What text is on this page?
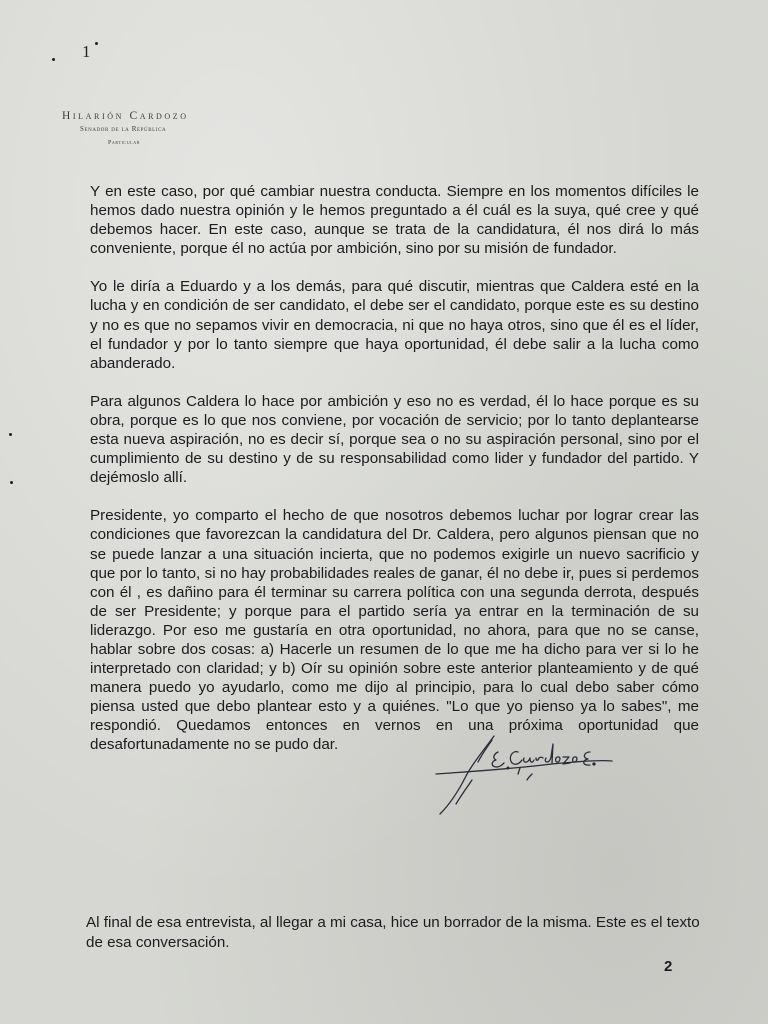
1
Hilarión Cardozo
Senador de la República
Particular

Y en este caso, por qué cambiar nuestra conducta. Siempre en los momentos difíciles le hemos dado nuestra opinión y le hemos preguntado a él cuál es la suya, qué cree y qué debemos hacer. En este caso, aunque se trata de la candidatura, él nos dirá lo más conveniente, porque él no actúa por ambición, sino por su misión de fundador.

Yo le diría a Eduardo y a los demás, para qué discutir, mientras que Caldera esté en la lucha y en condición de ser candidato, el debe ser el candidato, porque este es su destino y no es que no sepamos vivir en democracia, ni que no haya otros, sino que él es el líder, el fundador y por lo tanto siempre que haya oportunidad, él debe salir a la lucha como abanderado.

Para algunos Caldera lo hace por ambición y eso no es verdad, él lo hace porque es su obra, porque es lo que nos conviene, por vocación de servicio; por lo tanto deplantearse esta nueva aspiración, no es decir sí, porque sea o no su aspiración personal, sino por el cumplimiento de su destino y de su responsabilidad como lider y fundador del partido. Y dejémoslo allí.

Presidente, yo comparto el hecho de que nosotros debemos luchar por lograr crear las condiciones que favorezcan la candidatura del Dr. Caldera, pero algunos piensan que no se puede lanzar a una situación incierta, que no podemos exigirle un nuevo sacrificio y que por lo tanto, si no hay probabilidades reales de ganar, él no debe ir, pues si perdemos con él , es dañino para él terminar su carrera política con una segunda derrota, después de ser Presidente; y porque para el partido sería ya entrar en la terminación de su liderazgo. Por eso me gustaría en otra oportunidad, no ahora, para que no se canse, hablar sobre dos cosas: a) Hacerle un resumen de lo que me ha dicho para ver si lo he interpretado con claridad; y b) Oír su opinión sobre este anterior planteamiento y de qué manera puedo yo ayudarlo, como me dijo al principio, para lo cual debo saber cómo piensa usted que debo plantear esto y a quiénes. "Lo que yo pienso ya lo sabes", me respondió. Quedamos entonces en vernos en una próxima oportunidad que desafortunadamente no se pudo dar.

Al final de esa entrevista, al llegar a mi casa, hice un borrador de la misma. Este es el texto de esa conversación.
2
